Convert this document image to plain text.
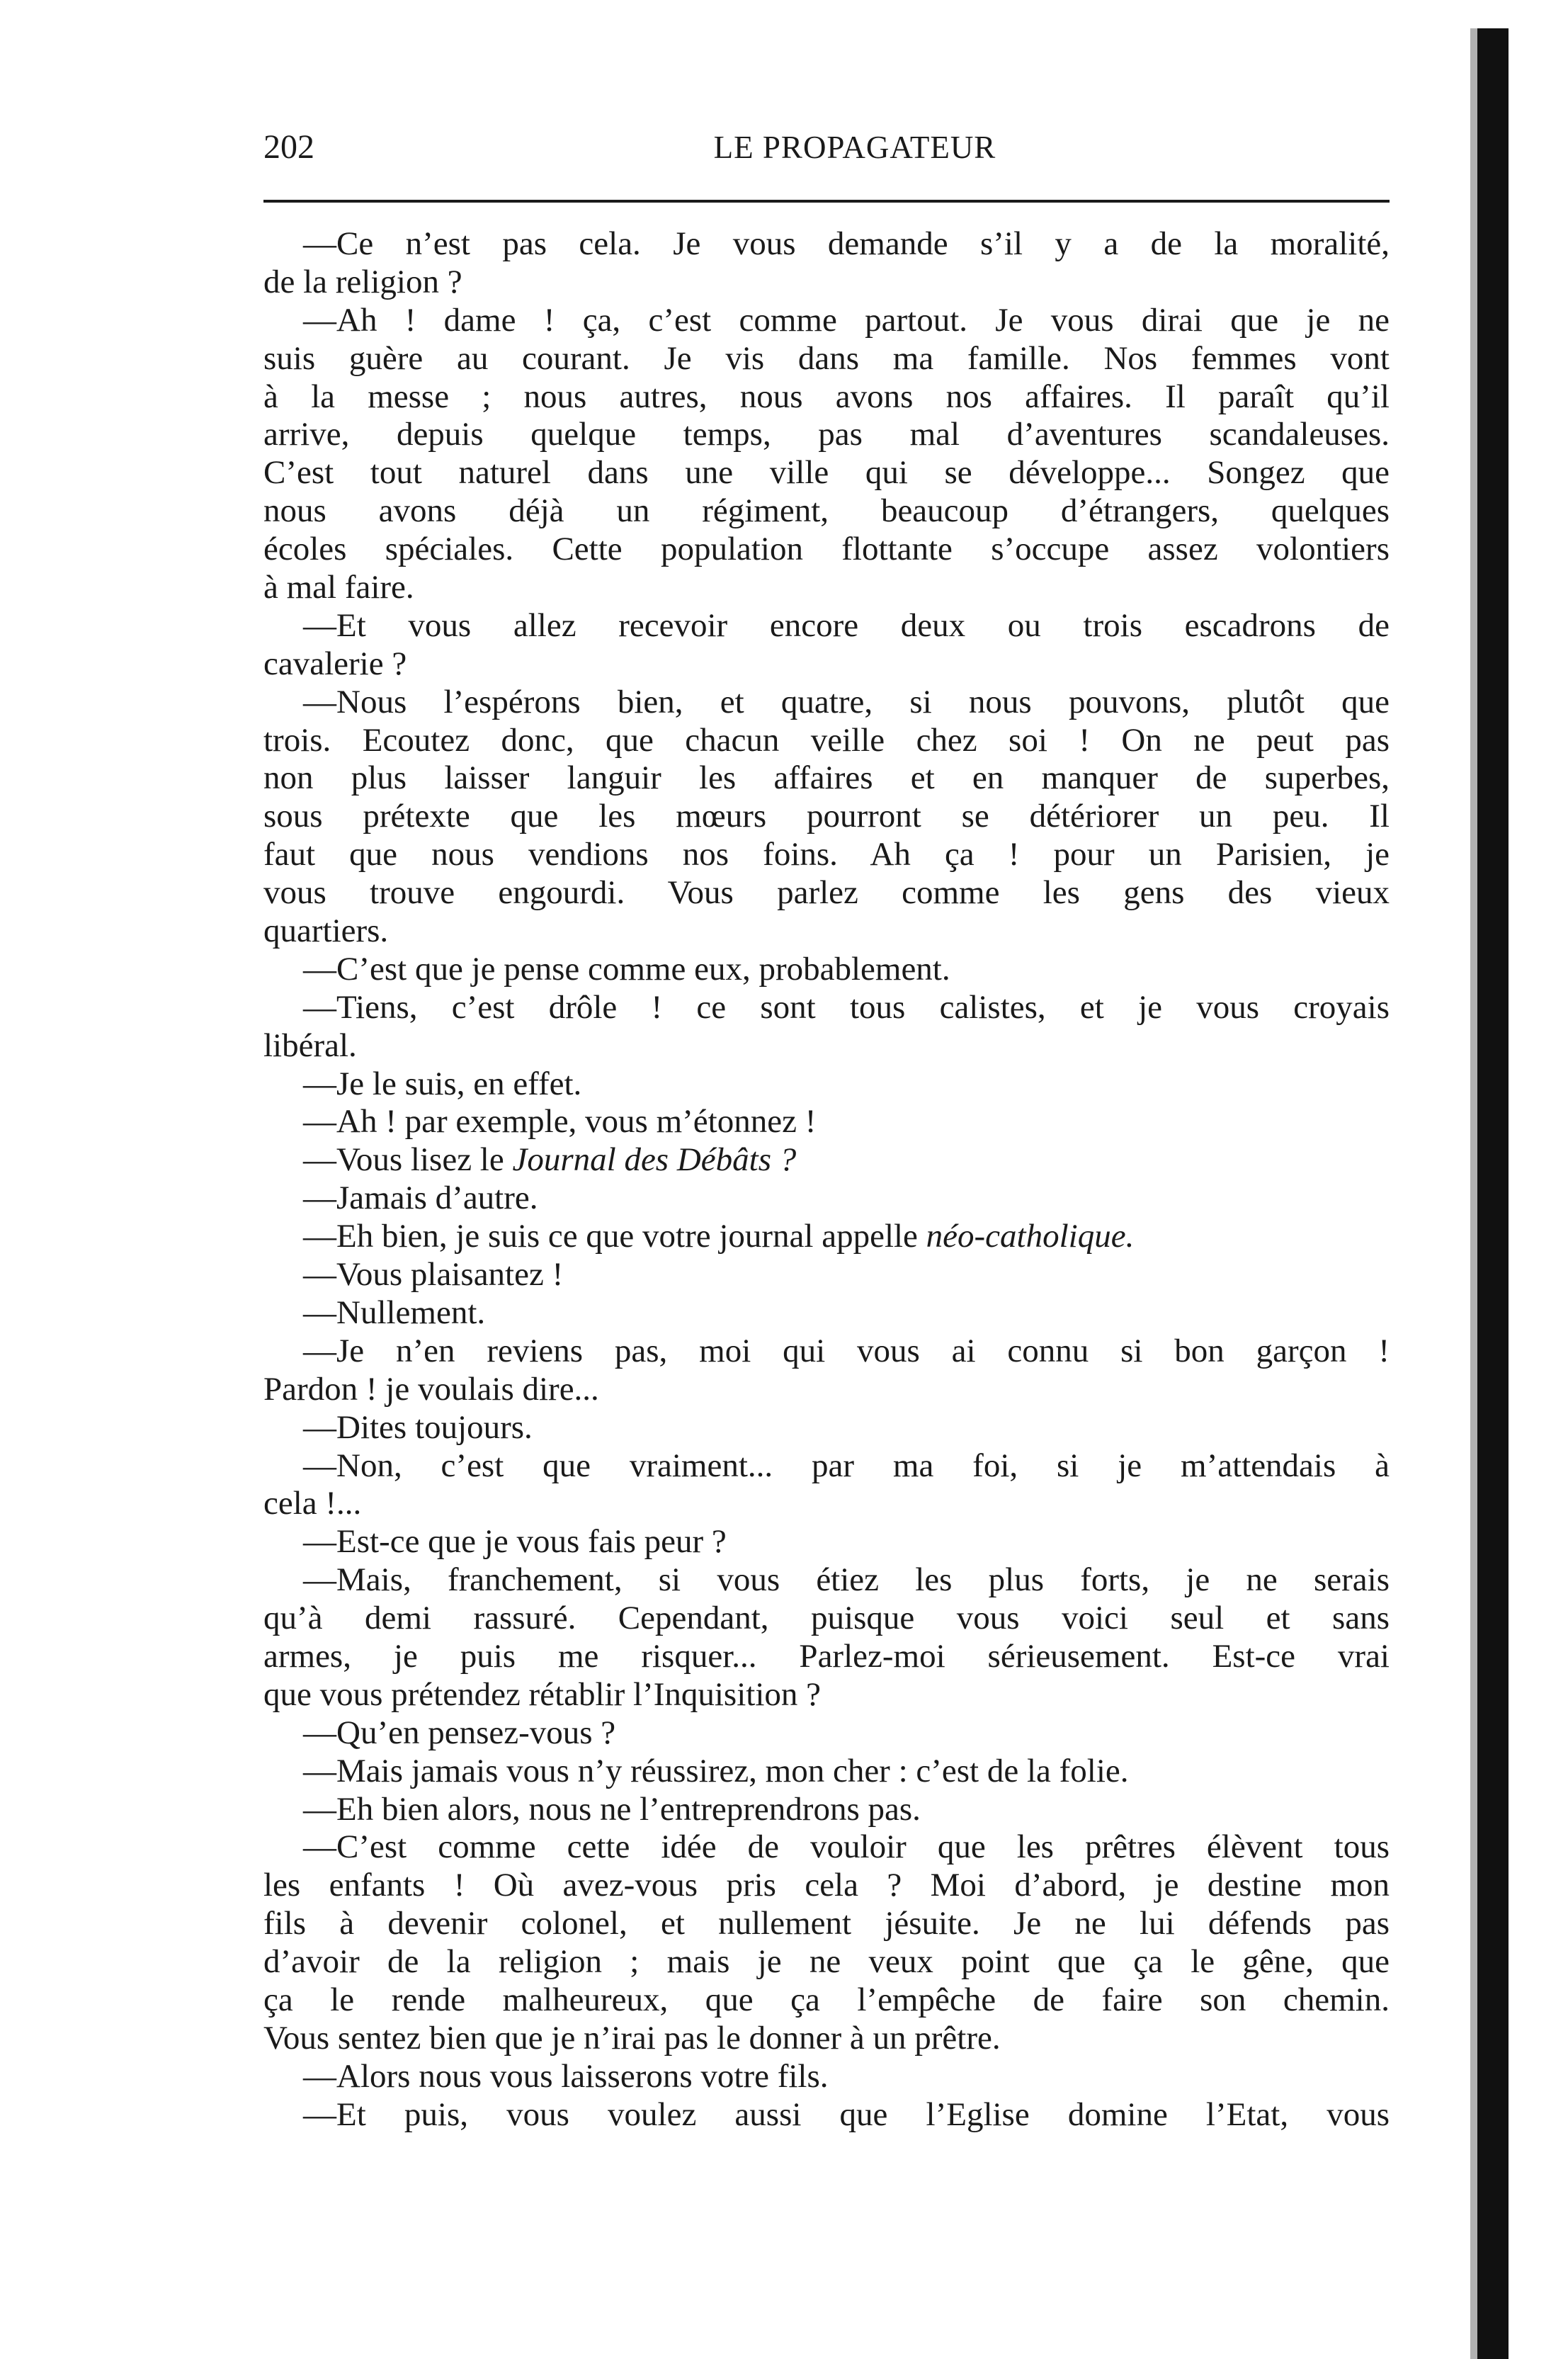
202	LE PROPAGATEUR
—Ce n’est pas cela. Je vous demande s’il y a de la moralité,
de la religion ?
—Ah ! dame ! ça, c’est comme partout. Je vous dirai que je ne
suis guère au courant. Je vis dans ma famille. Nos femmes vont
à la messe ; nous autres, nous avons nos affaires. Il paraît qu’il
arrive, depuis quelque temps, pas mal d’aventures scandaleuses.
C’est tout naturel dans une ville qui se développe... Songez que
nous avons déjà un régiment, beaucoup d’étrangers, quelques
écoles spéciales. Cette population flottante s’occupe assez volontiers
à mal faire.
—Et vous allez recevoir encore deux ou trois escadrons de
cavalerie ?
—Nous l’espérons bien, et quatre, si nous pouvons, plutôt que
trois. Ecoutez donc, que chacun veille chez soi ! On ne peut pas
non plus laisser languir les affaires et en manquer de superbes,
sous prétexte que les mœurs pourront se détériorer un peu. Il
faut que nous vendions nos foins. Ah ça ! pour un Parisien, je
vous trouve engourdi. Vous parlez comme les gens des vieux
quartiers.
—C’est que je pense comme eux, probablement.
—Tiens, c’est drôle ! ce sont tous calistes, et je vous croyais
libéral.
—Je le suis, en effet.
—Ah ! par exemple, vous m’étonnez !
—Vous lisez le Journal des Débâts ?
—Jamais d’autre.
—Eh bien, je suis ce que votre journal appelle néo-catholique.
—Vous plaisantez !
—Nullement.
—Je n’en reviens pas, moi qui vous ai connu si bon garçon !
Pardon ! je voulais dire...
—Dites toujours.
—Non, c’est que vraiment... par ma foi, si je m’attendais à
cela !...
—Est-ce que je vous fais peur ?
—Mais, franchement, si vous étiez les plus forts, je ne serais
qu’à demi rassuré. Cependant, puisque vous voici seul et sans
armes, je puis me risquer... Parlez-moi sérieusement. Est-ce vrai
que vous prétendez rétablir l’Inquisition ?
—Qu’en pensez-vous ?
—Mais jamais vous n’y réussirez, mon cher : c’est de la folie.
—Eh bien alors, nous ne l’entreprendrons pas.
—C’est comme cette idée de vouloir que les prêtres élèvent tous
les enfants ! Où avez-vous pris cela ? Moi d’abord, je destine mon
fils à devenir colonel, et nullement jésuite. Je ne lui défends pas
d’avoir de la religion ; mais je ne veux point que ça le gêne, que
ça le rende malheureux, que ça l’empêche de faire son chemin.
Vous sentez bien que je n’irai pas le donner à un prêtre.
—Alors nous vous laisserons votre fils.
—Et puis, vous voulez aussi que l’Eglise domine l’Etat, vous
